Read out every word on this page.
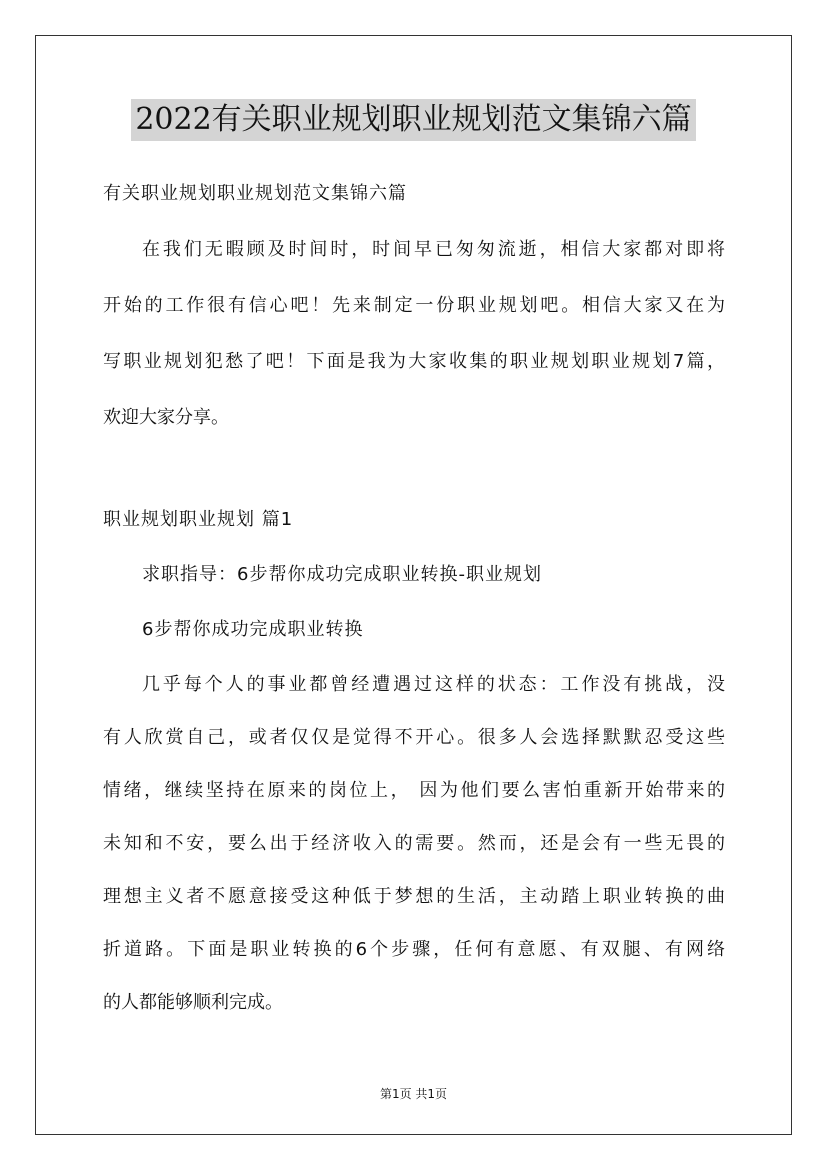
2022有关职业规划职业规划范文集锦六篇
有关职业规划职业规划范文集锦六篇
在我们无暇顾及时间时，时间早已匆匆流逝，相信大家都对即将
开始的工作很有信心吧！先来制定一份职业规划吧。相信大家又在为
写职业规划犯愁了吧！下面是我为大家收集的职业规划职业规划7篇，
欢迎大家分享。
职业规划职业规划 篇1
求职指导：6步帮你成功完成职业转换-职业规划
6步帮你成功完成职业转换
几乎每个人的事业都曾经遭遇过这样的状态：工作没有挑战，没
有人欣赏自己，或者仅仅是觉得不开心。很多人会选择默默忍受这些
情绪，继续坚持在原来的岗位上， 因为他们要么害怕重新开始带来的
未知和不安，要么出于经济收入的需要。然而，还是会有一些无畏的
理想主义者不愿意接受这种低于梦想的生活，主动踏上职业转换的曲
折道路。下面是职业转换的6个步骤，任何有意愿、有双腿、有网络
的人都能够顺利完成。
第1页 共1页
